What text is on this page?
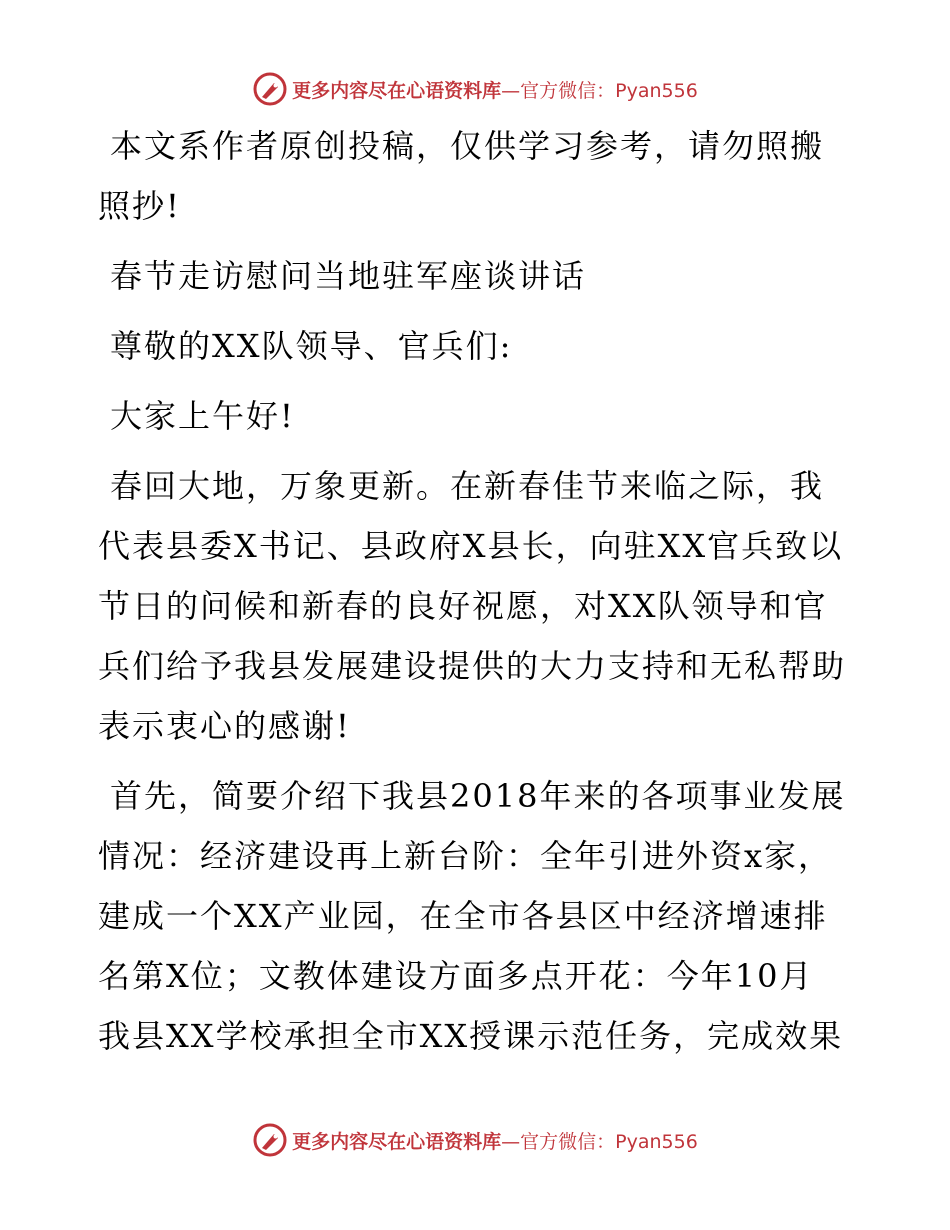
更多内容尽在心语资料库 —官方微信：Pyan556

本文系作者原创投稿，仅供学习参考，请勿照搬
照抄!

春节走访慰问当地驻军座谈讲话

尊敬的XX队领导、官兵们:

大家上午好!

春回大地，万象更新。在新春佳节来临之际，我
代表县委X书记、县政府X县长，向驻XX官兵致以
节日的问候和新春的良好祝愿，对XX队领导和官
兵们给予我县发展建设提供的大力支持和无私帮助
表示衷心的感谢!

首先，简要介绍下我县2018年来的各项事业发展
情况：经济建设再上新台阶：全年引进外资x家，
建成一个XX产业园，在全市各县区中经济增速排
名第X位；文教体建设方面多点开花：今年10月
我县XX学校承担全市XX授课示范任务，完成效果

更多内容尽在心语资料库 —官方微信：Pyan556
